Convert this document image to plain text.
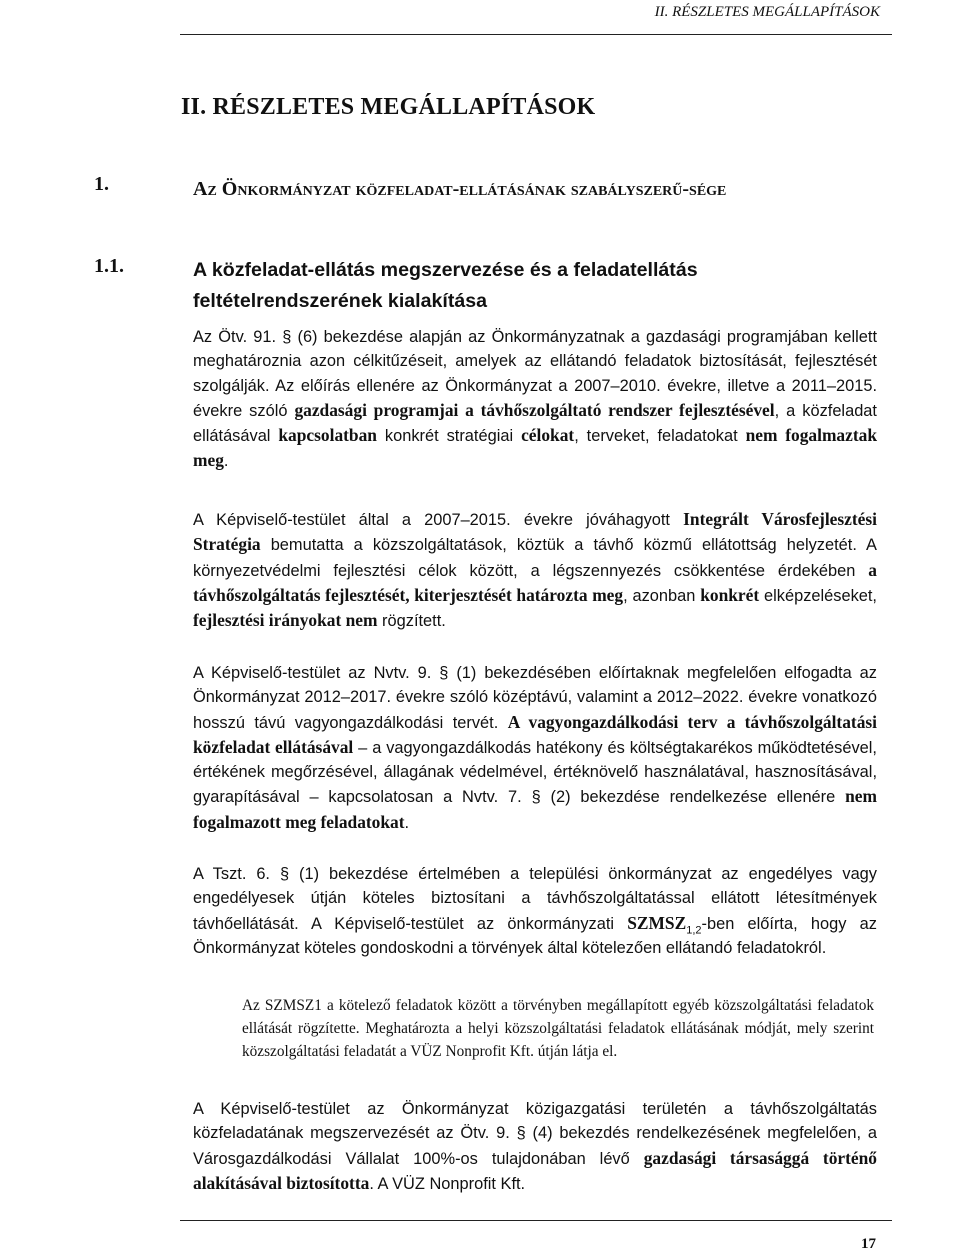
II. RÉSZLETES MEGÁLLAPÍTÁSOK
II. RÉSZLETES MEGÁLLAPÍTÁSOK
1.	Az Önkormányzat közfeladat-ellátásának szabályszerű-sége
1.1.	A közfeladat-ellátás megszervezése és a feladatellátás feltételrendszerének kialakítása
Az Ötv. 91. § (6) bekezdése alapján az Önkormányzatnak a gazdasági programjában kellett meghatároznia azon célkitűzéseit, amelyek az ellátandó feladatok biztosítását, fejlesztését szolgálják. Az előírás ellenére az Önkormányzat a 2007–2010. évekre, illetve a 2011–2015. évekre szóló gazdasági programjai a távhőszolgáltató rendszer fejlesztésével, a közfeladat ellátásával kapcsolatban konkrét stratégiai célokat, terveket, feladatokat nem fogalmaztak meg.
A Képviselő-testület által a 2007–2015. évekre jóváhagyott Integrált Városfejlesztési Stratégia bemutatta a közszolgáltatások, köztük a távhő közmű ellátottság helyzetét. A környezetvédelmi fejlesztési célok között, a légszennyezés csökkentése érdekében a távhőszolgáltatás fejlesztését, kiterjesztését határozta meg, azonban konkrét elképzeléseket, fejlesztési irányokat nem rögzített.
A Képviselő-testület az Nvtv. 9. § (1) bekezdésében előírtaknak megfelelően elfogadta az Önkormányzat 2012–2017. évekre szóló középtávú, valamint a 2012–2022. évekre vonatkozó hosszú távú vagyongazdálkodási tervét. A vagyongazdálkodási terv a távhőszolgáltatási közfeladat ellátásával – a vagyongazdálkodás hatékony és költségtakarékos működtetésével, értékének megőrzésével, állagának védelmével, értéknövelő használatával, hasznosításával, gyarapításával – kapcsolatosan a Nvtv. 7. § (2) bekezdése rendelkezése ellenére nem fogalmazott meg feladatokat.
A Tszt. 6. § (1) bekezdése értelmében a települési önkormányzat az engedélyes vagy engedélyesek útján köteles biztosítani a távhőszolgáltatással ellátott létesítmények távhőellátását. A Képviselő-testület az önkormányzati $SZMSZ_{1,2}$-ben előírta, hogy az Önkormányzat köteles gondoskodni a törvények által kötelezően ellátandó feladatokról.
Az SZMSZ1 a kötelező feladatok között a törvényben megállapított egyéb közszolgáltatási feladatok ellátását rögzítette. Meghatározta a helyi közszolgáltatási feladatok ellátásának módját, mely szerint közszolgáltatási feladatát a VÜZ Nonprofit Kft. útján látja el.
A Képviselő-testület az Önkormányzat közigazgatási területén a távhőszolgáltatás közfeladatának megszervezését az Ötv. 9. § (4) bekezdés rendelkezésének megfelelően, a Városgazdálkodási Vállalat 100%-os tulajdonában lévő gazdasági társasággá történő alakításával biztosította. A VÜZ Nonprofit Kft.
17
